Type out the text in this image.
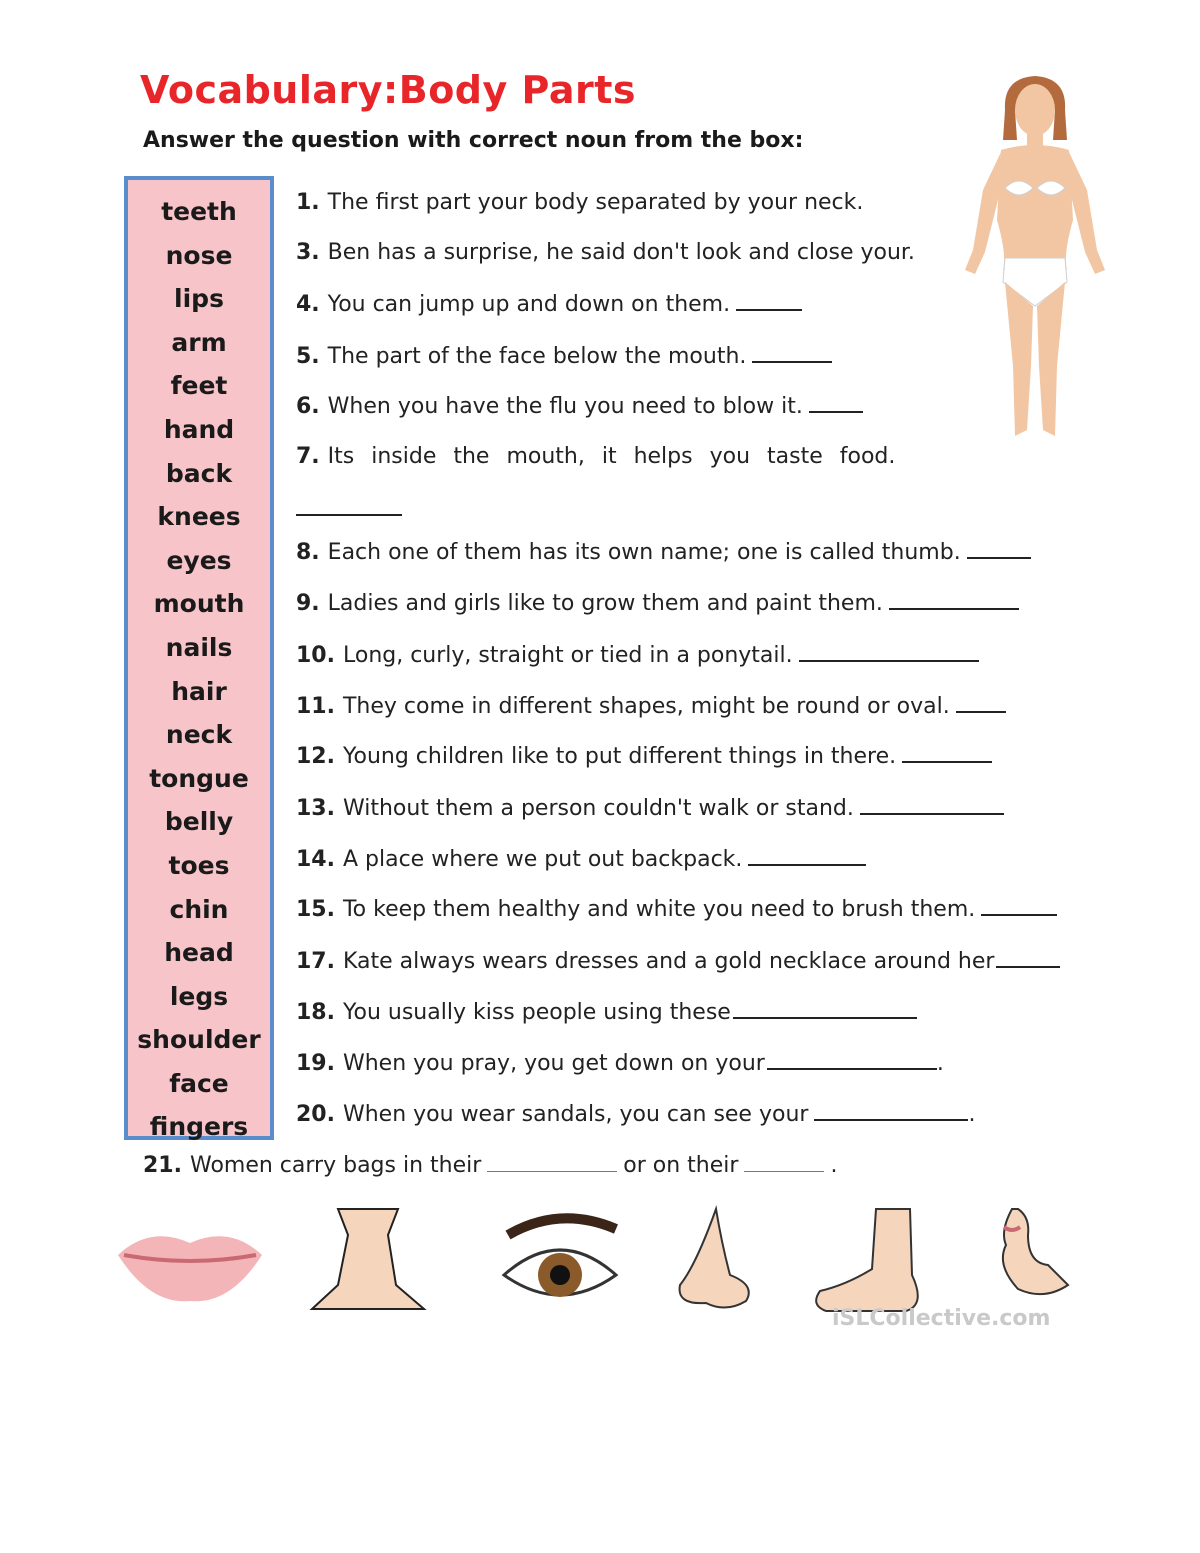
Vocabulary:Body Parts

Answer the question with correct noun from the box:

teeth
nose
lips
arm
feet
hand
back
knees
eyes
mouth
nails
hair
neck
tongue
belly
toes
chin
head
legs
shoulder
face
fingers

1. The first part your body separated by your neck.

3. Ben has a surprise, he said don't look and close your.

4. You can jump up and down on them.

5. The part of the face below the mouth.

6. When you have the flu you need to blow it.

7. Its inside the mouth, it helps you taste food.

8. Each one of them has its own name; one is called thumb.

9. Ladies and girls like to grow them and paint them.

10. Long, curly, straight or tied in a ponytail.

11. They come in different shapes, might be round or oval.

12. Young children like to put different things in there.

13. Without them a person couldn't walk or stand.

14. A place where we put out backpack.

15. To keep them healthy and white you need to brush them.

17. Kate always wears dresses and a gold necklace around her

18. You usually kiss people using these

19. When you pray, you get down on your	.

20. When you wear sandals, you can see your	.

21. Women carry bags in their	or on their	.

iSLCollective.com
